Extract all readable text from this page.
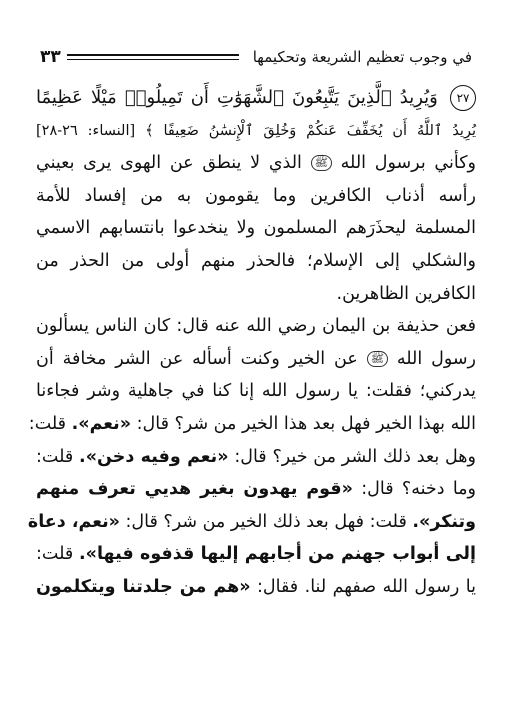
في وجوب تعظيم الشريعة وتحكيمها
٣٣
٢٧ وَيُرِيدُ ٱلَّذِينَ يَتَّبِعُونَ ٱلشَّهَوَٰتِ أَن تَمِيلُوا۟ مَيْلًا عَظِيمًا
يُرِيدُ ٱللَّهُ أَن يُخَفِّفَ عَنكُمْ وَخُلِقَ ٱلْإِنسَٰنُ ضَعِيفًا ﴾ [النساء: ٢٦-٢٨]
وكأني برسول الله ﷺ الذي لا ينطق عن الهوى يرى بعيني
رأسه أذناب الكافرين وما يقومون به من إفساد للأمة
المسلمة ليحذَرَهم المسلمون ولا ينخدعوا بانتسابهم الاسمي
والشكلي إلى الإسلام؛ فالحذر منهم أولى من الحذر من
الكافرين الظاهرين.
فعن حذيفة بن اليمان رضي الله عنه قال: كان الناس يسألون
رسول الله ﷺ عن الخير وكنت أسأله عن الشر مخافة أن
يدركني؛ فقلت: يا رسول الله إنا كنا في جاهلية وشر فجاءنا
الله بهذا الخير فهل بعد هذا الخير من شر؟ قال: «نعم». قلت:
وهل بعد ذلك الشر من خير؟ قال: «نعم وفيه دخن». قلت:
وما دخنه؟ قال: «قوم يهدون بغير هديي تعرف منهم
وتنكر». قلت: فهل بعد ذلك الخير من شر؟ قال: «نعم، دعاة
إلى أبواب جهنم من أجابهم إليها قذفوه فيها». قلت:
يا رسول الله صفهم لنا. فقال: «هم من جلدتنا ويتكلمون
